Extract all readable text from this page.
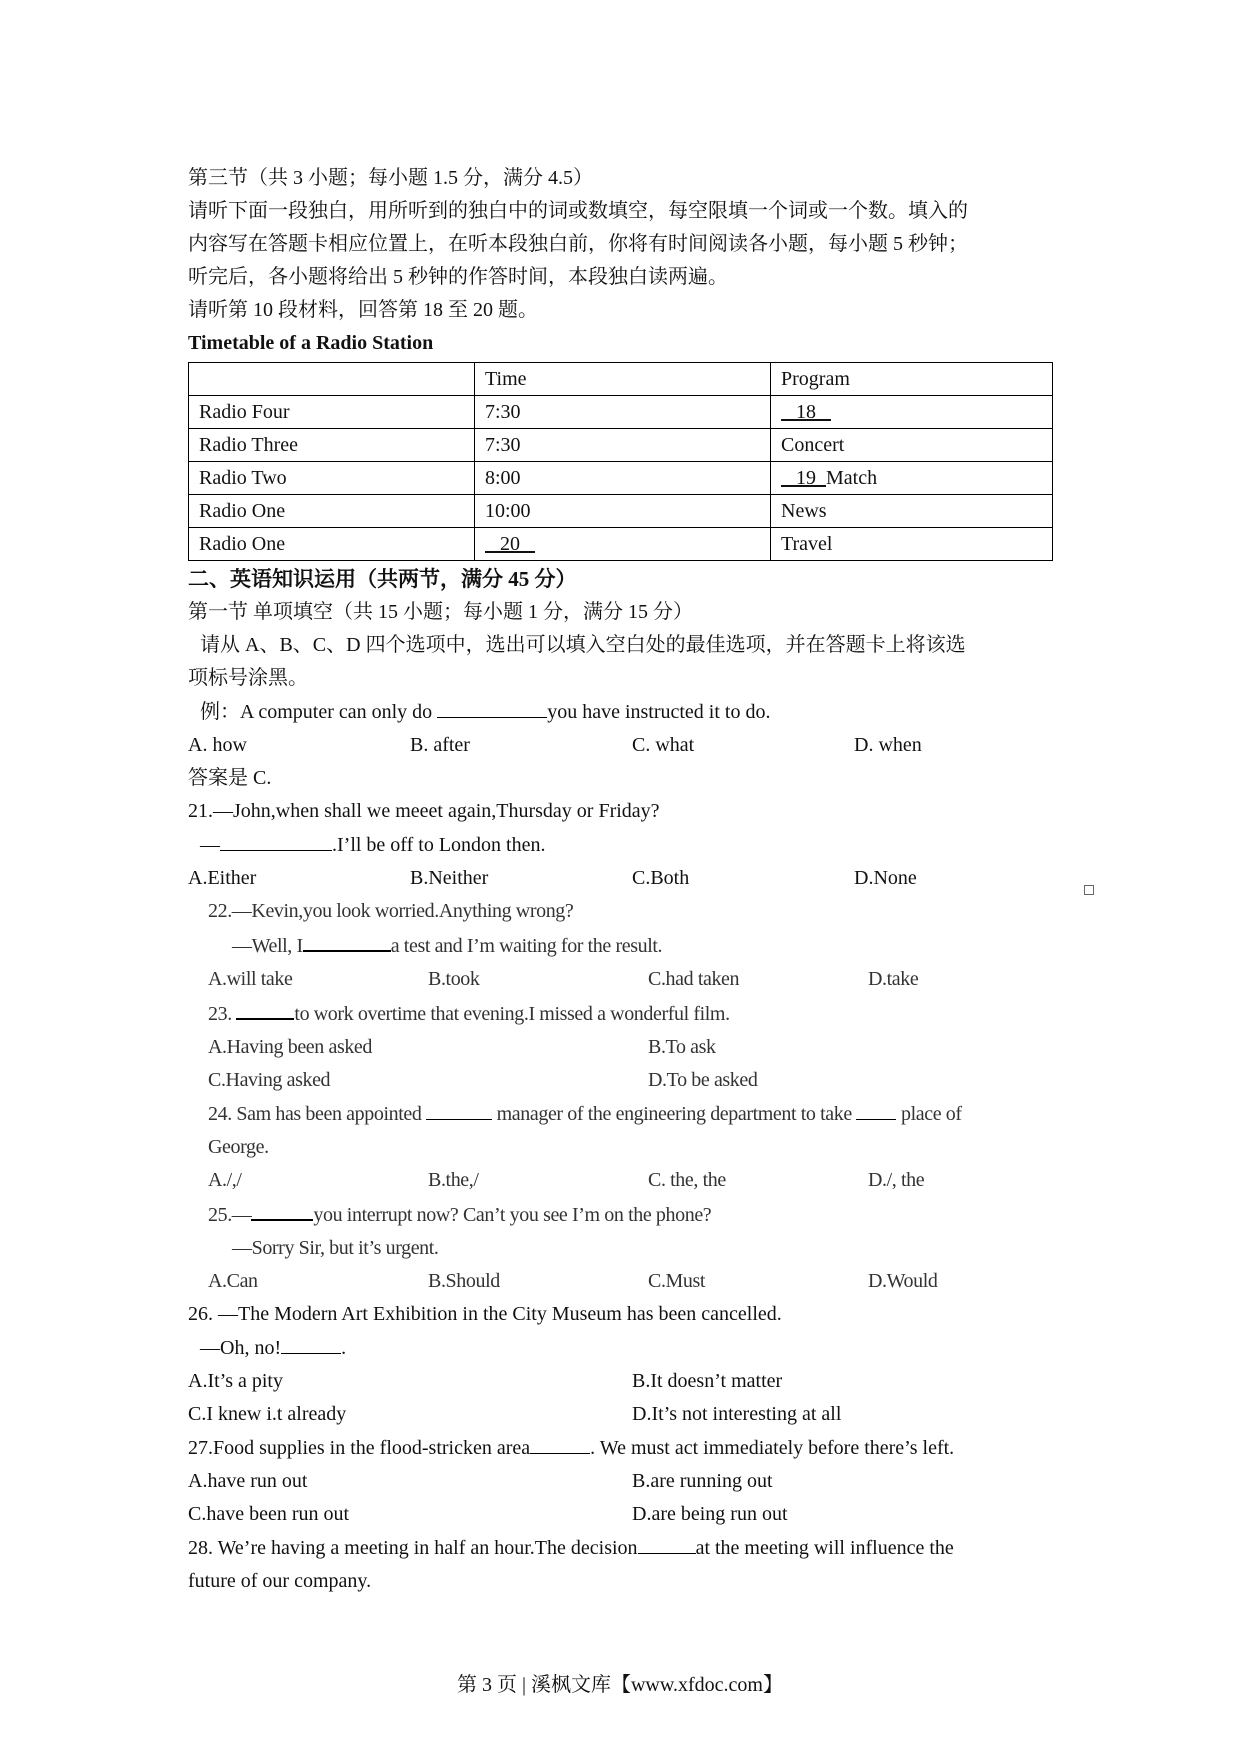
第三节（共 3 小题；每小题 1.5 分，满分 4.5）
请听下面一段独白，用所听到的独白中的词或数填空，每空限填一个词或一个数。填入的
内容写在答题卡相应位置上，在听本段独白前，你将有时间阅读各小题，每小题 5 秒钟；
听完后，各小题将给出 5 秒钟的作答时间，本段独白读两遍。
请听第 10 段材料，回答第 18 至 20 题。
Timetable of a Radio Station
	Time	Program
Radio Four	7:30	18
Radio Three	7:30	Concert
Radio Two	8:00	19 Match
Radio One	10:00	News
Radio One	20	Travel
二、英语知识运用（共两节，满分 45 分）
第一节 单项填空（共 15 小题；每小题 1 分，满分 15 分）
请从 A、B、C、D 四个选项中，选出可以填入空白处的最佳选项，并在答题卡上将该选
项标号涂黑。
例：A computer can only do	you have instructed it to do.
A. how	B. after	C. what	D. when
答案是 C.
21.—John,when shall we meeet again,Thursday or Friday?
—	.I’ll be off to London then.
A.Either	B.Neither	C.Both	D.None
22.—Kevin,you look worried.Anything wrong?
—Well, I	a test and I’m waiting for the result.
A.will take	B.took	C.had taken	D.take
23.	to work overtime that evening.I missed a wonderful film.
A.Having been asked	B.To ask
C.Having asked	D.To be asked
24. Sam has been appointed	manager of the engineering department to take  place of
George.
A./,/	B.the,/	C. the, the	D./, the
25.—	you interrupt now? Can’t you see I’m on the phone?
—Sorry Sir, but it’s urgent.
A.Can	B.Should	C.Must	D.Would
26. —The Modern Art Exhibition in the City Museum has been cancelled.
—Oh, no!	.
A.It’s a pity	B.It doesn’t matter
C.I knew i.t already	D.It’s not interesting at all
27.Food supplies in the flood-stricken area	. We must act immediately before there’s left.
A.have run out	B.are running out
C.have been run out	D.are being run out
28. We’re having a meeting in half an hour.The decision	at the meeting will influence the
future of our company.
第 3 页 | 溪枫文库【www.xfdoc.com】
